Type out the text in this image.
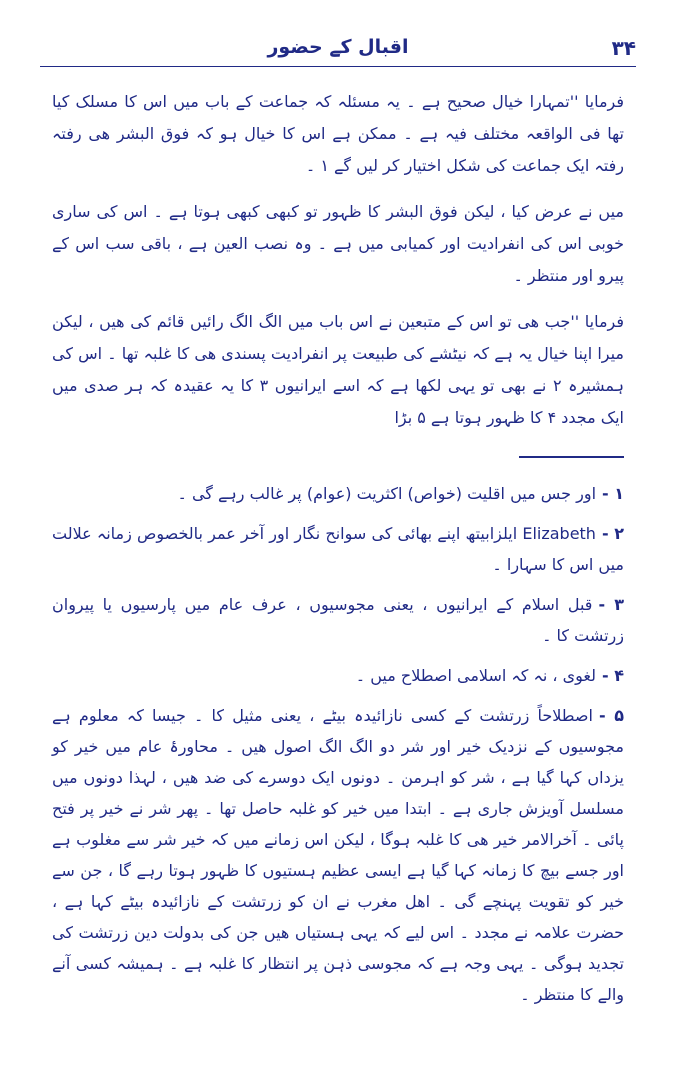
۳۴
اقبال کے حضور

فرمایا ''تمہارا خیال صحیح ہے ۔ یہ مسئلہ کہ جماعت کے باب میں اس کا مسلک کیا تھا فی الواقعہ مختلف فیہ ہے ۔ ممکن ہے اس کا خیال ہو کہ فوق البشر ھی رفتہ رفتہ ایک جماعت کی شکل اختیار کر لیں گے ۱ ۔

میں نے عرض کیا ، لیکن فوق البشر کا ظہور تو کبھی کبھی ہوتا ہے ۔ اس کی ساری خوبی اس کی انفرادیت اور کمیابی میں ہے ۔ وہ نصب العین ہے ، باقی سب اس کے پیرو اور منتظر ۔

فرمایا ''جب ھی تو اس کے متبعین نے اس باب میں الگ الگ رائیں قائم کی ھیں ، لیکن میرا اپنا خیال یہ ہے کہ نیٹشے کی طبیعت پر انفرادیت پسندی ھی کا غلبہ تھا ۔ اس کی ہمشیرہ ۲ نے بھی تو یہی لکھا ہے کہ اسے ایرانیوں ۳ کا یہ عقیدہ کہ ہر صدی میں ایک مجدد ۴ کا ظہور ہوتا ہے ۵ بڑا

۱ -اور جس میں اقلیت (خواص) اکثریت (عوام) پر غالب رہے گی ۔

۲ -Elizabeth ایلزابیتھ اپنے بھائی کی سوانح نگار اور آخر عمر بالخصوص زمانہ علالت میں اس کا سہارا ۔

۳ -قبل اسلام کے ایرانیوں ، یعنی مجوسیوں ، عرف عام میں پارسیوں یا پیروان زرتشت کا ۔

۴ -لغوی ، نہ کہ اسلامی اصطلاح میں ۔

۵ -اصطلاحاً زرتشت کے کسی نازائیدہ بیٹے ، یعنی مثیل کا ۔ جیسا کہ معلوم ہے مجوسیوں کے نزدیک خیر اور شر دو الگ الگ اصول ھیں ۔ محاورۂ عام میں خیر کو یزداں کہا گیا ہے ، شر کو اہرمن ۔ دونوں ایک دوسرے کی ضد ھیں ، لہذا دونوں میں مسلسل آویزش جاری ہے ۔ ابتدا میں خیر کو غلبہ حاصل تھا ۔ پھر شر نے خیر پر فتح پائی ۔ آخرالامر خیر ھی کا غلبہ ہوگا ، لیکن اس زمانے میں کہ خیر شر سے مغلوب ہے اور جسے بیچ کا زمانہ کہا گیا ہے ایسی عظیم ہستیوں کا ظہور ہوتا رہے گا ، جن سے خیر کو تقویت پہنچے گی ۔ اھل مغرب نے ان کو زرتشت کے نازائیدہ بیٹے کہا ہے ، حضرت علامہ نے مجدد ۔ اس لیے کہ یہی ہستیاں ھیں جن کی بدولت دین زرتشت کی تجدید ہوگی ۔ یہی وجہ ہے کہ مجوسی ذہن پر انتظار کا غلبہ ہے ۔ ہمیشہ کسی آنے والے کا منتظر ۔
